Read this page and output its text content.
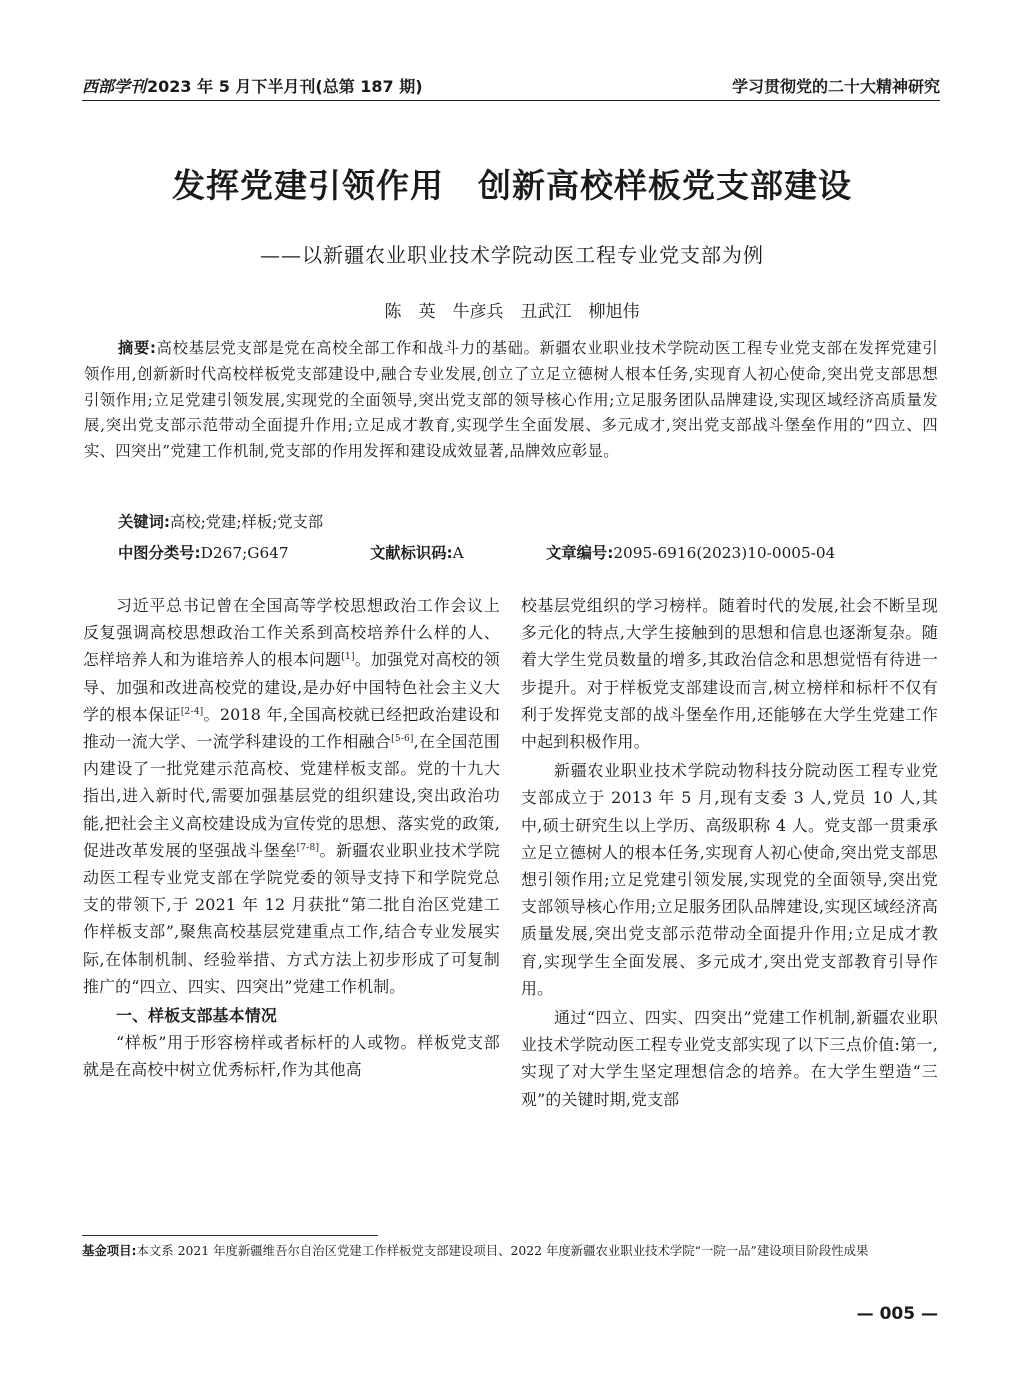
西部学刊2023 年 5 月下半月刊(总第 187 期)	学习贯彻党的二十大精神研究
发挥党建引领作用　创新高校样板党支部建设
——以新疆农业职业技术学院动医工程专业党支部为例
陈　英　牛彦兵　丑武江　柳旭伟

摘要:高校基层党支部是党在高校全部工作和战斗力的基础。新疆农业职业技术学院动医工程专业党支部在发挥党建引领作用,创新新时代高校样板党支部建设中,融合专业发展,创立了立足立德树人根本任务,实现育人初心使命,突出党支部思想引领作用;立足党建引领发展,实现党的全面领导,突出党支部的领导核心作用;立足服务团队品牌建设,实现区域经济高质量发展,突出党支部示范带动全面提升作用;立足成才教育,实现学生全面发展、多元成才,突出党支部战斗堡垒作用的“四立、四实、四突出”党建工作机制,党支部的作用发挥和建设成效显著,品牌效应彰显。

关键词:高校;党建;样板;党支部
中图分类号:D267;G647	文献标识码:A	文章编号:2095-6916(2023)10-0005-04

习近平总书记曾在全国高等学校思想政治工作会议上反复强调高校思想政治工作关系到高校培养什么样的人、怎样培养人和为谁培养人的根本问题[1]。加强党对高校的领导、加强和改进高校党的建设,是办好中国特色社会主义大学的根本保证[2-4]。2018 年,全国高校就已经把政治建设和推动一流大学、一流学科建设的工作相融合[5-6],在全国范围内建设了一批党建示范高校、党建样板支部。党的十九大指出,进入新时代,需要加强基层党的组织建设,突出政治功能,把社会主义高校建设成为宣传党的思想、落实党的政策,促进改革发展的坚强战斗堡垒[7-8]。新疆农业职业技术学院动医工程专业党支部在学院党委的领导支持下和学院党总支的带领下,于 2021 年 12 月获批“第二批自治区党建工作样板支部”,聚焦高校基层党建重点工作,结合专业发展实际,在体制机制、经验举措、方式方法上初步形成了可复制推广的“四立、四实、四突出”党建工作机制。

一、样板支部基本情况

“样板”用于形容榜样或者标杆的人或物。样板党支部就是在高校中树立优秀标杆,作为其他高

校基层党组织的学习榜样。随着时代的发展,社会不断呈现多元化的特点,大学生接触到的思想和信息也逐渐复杂。随着大学生党员数量的增多,其政治信念和思想觉悟有待进一步提升。对于样板党支部建设而言,树立榜样和标杆不仅有利于发挥党支部的战斗堡垒作用,还能够在大学生党建工作中起到积极作用。

新疆农业职业技术学院动物科技分院动医工程专业党支部成立于 2013 年 5 月,现有支委 3 人,党员 10 人,其中,硕士研究生以上学历、高级职称 4 人。党支部一贯秉承立足立德树人的根本任务,实现育人初心使命,突出党支部思想引领作用;立足党建引领发展,实现党的全面领导,突出党支部领导核心作用;立足服务团队品牌建设,实现区域经济高质量发展,突出党支部示范带动全面提升作用;立足成才教育,实现学生全面发展、多元成才,突出党支部教育引导作用。

通过“四立、四实、四突出”党建工作机制,新疆农业职业技术学院动医工程专业党支部实现了以下三点价值:第一,实现了对大学生坚定理想信念的培养。在大学生塑造“三观”的关键时期,党支部

基金项目:本文系 2021 年度新疆维吾尔自治区党建工作样板党支部建设项目、2022 年度新疆农业职业技术学院“一院一品”建设项目阶段性成果
— 005 —
